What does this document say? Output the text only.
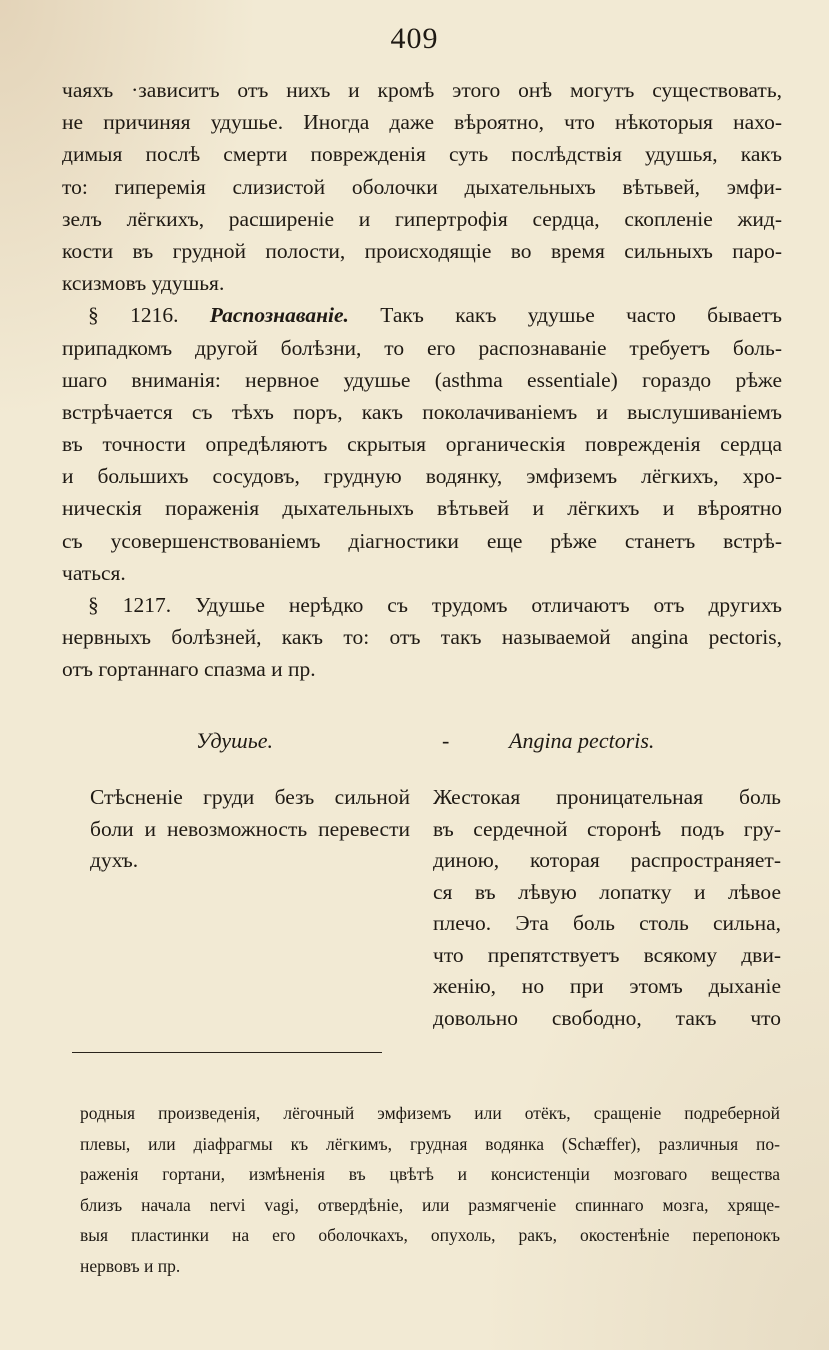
409
чаяхъ ·зависитъ отъ нихъ и кромѣ этого онѣ могутъ существовать,
не причиняя удушье. Иногда даже вѣроятно, что нѣкоторыя нахо-
димыя послѣ смерти поврежденія суть послѣдствія удушья, какъ
то: гиперемія слизистой оболочки дыхательныхъ вѣтьвей, эмфи-
зелъ лёгкихъ, расширеніе и гипертрофія сердца, скопленіе жид-
кости въ грудной полости, происходящіе во время сильныхъ паро-
ксизмовъ удушья.
§ 1216. Распознаваніе. Такъ какъ удушье часто бываетъ
припадкомъ другой болѣзни, то его распознаваніе требуетъ боль-
шаго вниманія: нервное удушье (asthma essentiale) гораздо рѣже
встрѣчается съ тѣхъ поръ, какъ поколачиваніемъ и выслушиваніемъ
въ точности опредѣляютъ скрытыя органическія поврежденія сердца
и большихъ сосудовъ, грудную водянку, эмфиземъ лёгкихъ, хро-
ническія пораженія дыхательныхъ вѣтьвей и лёгкихъ и вѣроятно
съ усовершенствованіемъ діагностики еще рѣже станетъ встрѣ-
чаться.
§ 1217. Удушье нерѣдко съ трудомъ отличаютъ отъ другихъ
нервныхъ болѣзней, какъ то: отъ такъ называемой angina pectoris,
отъ гортаннаго спазма и пр.
Удушье.	-	Angina pectoris.
Стѣсненіе груди безъ сильной
боли и невозможность перевести
духъ.
Жестокая проницательная боль
въ сердечной сторонѣ подъ гру-
диною, которая распространяет-
ся въ лѣвую лопатку и лѣвое
плечо. Эта боль столь сильна,
что препятствуетъ всякому дви-
женію, но при этомъ дыханіе
довольно свободно, такъ что
родныя произведенія, лёгочный эмфиземъ или отёкъ, сращеніе подреберной
плевы, или діафрагмы къ лёгкимъ, грудная водянка (Schæffer), различныя по-
раженія гортани, измѣненія въ цвѣтѣ и консистенціи мозговаго вещества
близъ начала nervi vagi, отвердѣніе, или размягченіе спиннаго мозга, хряще-
выя пластинки на его оболочкахъ, опухоль, ракъ, окостенѣніе перепонокъ
нервовъ и пр.
